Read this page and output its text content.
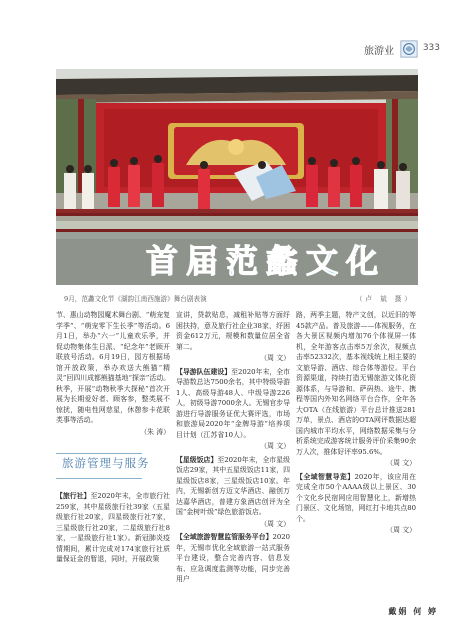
旅游业	333
首届范蠡文化
9月，范蠡文化节《湖韵江南西施游》舞台剧表演	（卢 斌 摄）

节、惠山动物园魔术舞台剧、“萌宠复学季”、“萌宠零下生长季”等活动。6月1日，举办“六一”儿童欢乐季，并促动物集体生日派、“纪念年”老顾开联放号活动。6月19日，园方根据场馆开放政策，举办欢送大熊猫“精灵”回四川成都熊猫基地“探亲”活动。秋季，开展“动物秋季大探秘”首次开展为长期爱好者、顾客参，整类展不惊扰，随电性网慈星，休憩参卡花联类事等活动。

（朱 涛）
旅游管理与服务

【旅行社】至2020年末，全市旅行社259家，其中星级旅行社39家（五星级旅行社20家，四星级旅行社7家，三星级旅行社20家，二星级旅行社8家，一星级旅行社1家）。新冠肺炎疫情期间，累计完成对174家旅行社质量保证金的暂退，同时，开展政策

宣讲，贷款贴息，减租补贴等方面纾困扶持，意及旅行社企业38家，纾困资金612万元，规模和数量位居全省第二。

（周 文）

【导游队伍建设】至2020年末，全市导游数总达7500余名，其中特级导游1人、高级导游48人、中级导游226人，初级导游7000余人。无锡官步导游进行导游服务证优大赛评选，市场和旅游局2020年“金牌导游”培养项目计划（江苏省10人）。

（周 文）

【星级饭店】至2020年末，全市星级饭店29家，其中五星级饭店11家，四星级饭店8家，三星级饭店10家。年内，无锡新创方迈文华酒店、融创万达嘉华酒店，普建方象酒店创评为全国“金树叶级”绿色旅游饭店。

（周 文）

【全域旅游智慧监管服务平台】2020年，无锡市优化全域旅游一站式服务平台建设，整合完善内容、信息发布、应急调度监测等功能，同步完善用户

路，两季主题，特产文创，以近旧的等45款产品。普及旅游——体视服务，在各大景区视频内增加76个体视屏一体机，全年游客点击率5万余次，视频点击率52332次，基本视线统上相主要的文旅导游、酒店、综合体等游位。平台资源渠道，持续打造无锡旅游文体化资源体系，与导游和、萨码热、途牛、携程等国内外知名网络平台合作，全年各大OTA（在线旅游）平台总计推送281万单，景点、酒店的OTA网评数据达超国内城市平均水平，网络数据采集与分析系统完成游客统计服务评价采集90余万人次，推体好评率95.6%。

（周 文）

【全域智慧导览】2020年，该应用在完成全市50个AAAA级以上景区、30个文化乡民宿网应用智慧化上，新增热门景区、文化场馆，网红打卡地共点80个。

（周 文）
戴娟 何 婷
